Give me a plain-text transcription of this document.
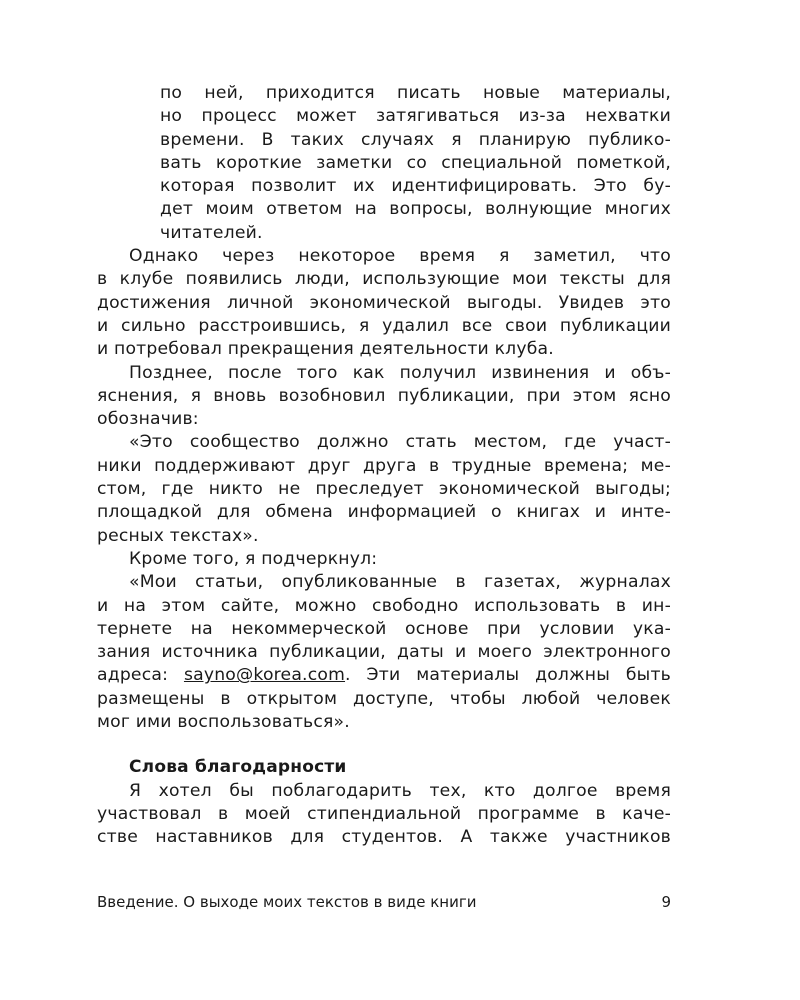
по ней, приходится писать новые материалы,
но процесс может затягиваться из-за нехватки
времени. В таких случаях я планирую публико-
вать короткие заметки со специальной пометкой,
которая позволит их идентифицировать. Это бу-
дет моим ответом на вопросы, волнующие многих
читателей.
Однако через некоторое время я заметил, что
в клубе появились люди, использующие мои тексты для
достижения личной экономической выгоды. Увидев это
и сильно расстроившись, я удалил все свои публикации
и потребовал прекращения деятельности клуба.
Позднее, после того как получил извинения и объ-
яснения, я вновь возобновил публикации, при этом ясно
обозначив:
«Это сообщество должно стать местом, где участ-
ники поддерживают друг друга в трудные времена; ме-
стом, где никто не преследует экономической выгоды;
площадкой для обмена информацией о книгах и инте-
ресных текстах».
Кроме того, я подчеркнул:
«Мои статьи, опубликованные в газетах, журналах
и на этом сайте, можно свободно использовать в ин-
тернете на некоммерческой основе при условии ука-
зания источника публикации, даты и моего электронного
адреса: sayno@korea.com. Эти материалы должны быть
размещены в открытом доступе, чтобы любой человек
мог ими воспользоваться».
Слова благодарности
Я хотел бы поблагодарить тех, кто долгое время
участвовал в моей стипендиальной программе в каче-
стве наставников для студентов. А также участников
Введение. О выходе моих текстов в виде книги	9
